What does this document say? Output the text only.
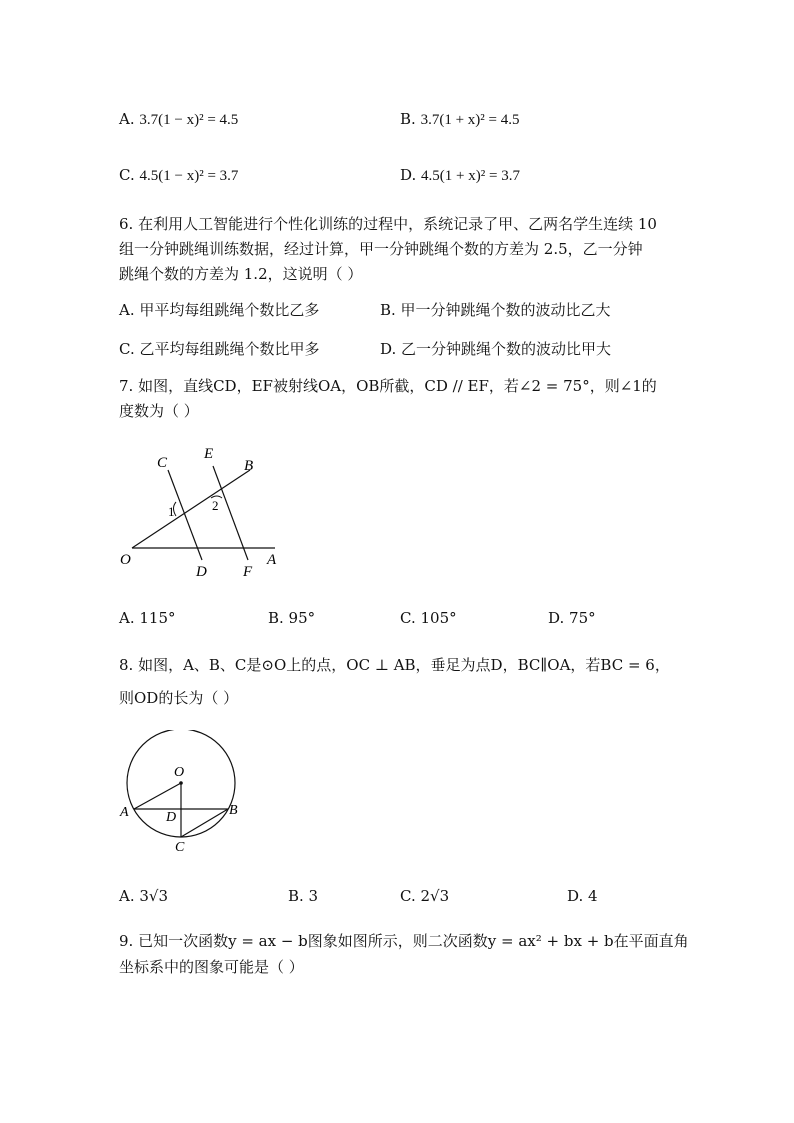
A. 3.7(1 − x)² = 4.5	B. 3.7(1 + x)² = 4.5
C. 4.5(1 − x)² = 3.7	D. 4.5(1 + x)² = 3.7
6. 在利用人工智能进行个性化训练的过程中，系统记录了甲、乙两名学生连续 10
组一分钟跳绳训练数据，经过计算，甲一分钟跳绳个数的方差为 2.5，乙一分钟
跳绳个数的方差为 1.2，这说明（ ）
A. 甲平均每组跳绳个数比乙多	B. 甲一分钟跳绳个数的波动比乙大
C. 乙平均每组跳绳个数比甲多	D. 乙一分钟跳绳个数的波动比甲大
7. 如图，直线CD，EF被射线OA，OB所截，CD // EF，若∠2 = 75°，则∠1的
度数为（ ）
C
E
B
O
D F
A
1	2
A. 115°	B. 95°	C. 105°	D. 75°
8. 如图，A、B、C是⊙O上的点，OC ⊥ AB，垂足为点D，BC∥OA，若BC = 6，
则OD的长为（ ）
O
A	B
D
C
A. 3√3	B. 3	C. 2√3	D. 4
9. 已知一次函数y = ax − b图象如图所示，则二次函数y = ax² + bx + b在平面直角
坐标系中的图象可能是（ ）
